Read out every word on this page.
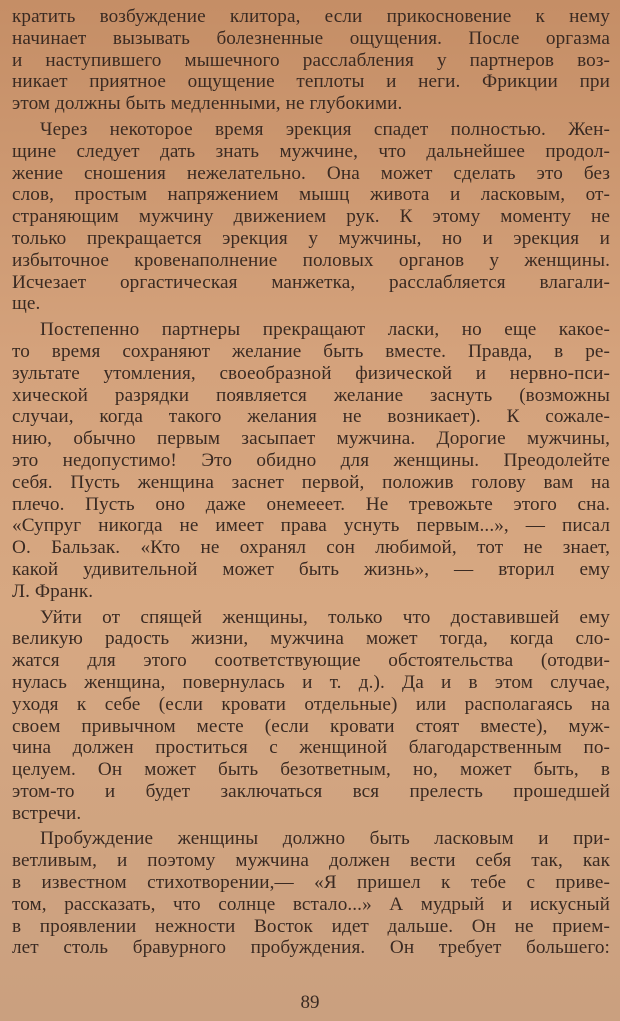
кратить возбуждение клитора, если прикосновение к нему
начинает вызывать болезненные ощущения. После оргазма
и наступившего мышечного расслабления у партнеров воз-
никает приятное ощущение теплоты и неги. Фрикции при
этом должны быть медленными, не глубокими.
Через некоторое время эрекция спадет полностью. Жен-
щине следует дать знать мужчине, что дальнейшее продол-
жение сношения нежелательно. Она может сделать это без
слов, простым напряжением мышц живота и ласковым, от-
страняющим мужчину движением рук. К этому моменту не
только прекращается эрекция у мужчины, но и эрекция и
избыточное кровенаполнение половых органов у женщины.
Исчезает оргастическая манжетка, расслабляется влагали-
ще.
Постепенно партнеры прекращают ласки, но еще какое-
то время сохраняют желание быть вместе. Правда, в ре-
зультате утомления, своеобразной физической и нервно-пси-
хической разрядки появляется желание заснуть (возможны
случаи, когда такого желания не возникает). К сожале-
нию, обычно первым засыпает мужчина. Дорогие мужчины,
это недопустимо! Это обидно для женщины. Преодолейте
себя. Пусть женщина заснет первой, положив голову вам на
плечо. Пусть оно даже онемеeет. Не тревожьте этого сна.
«Супруг никогда не имеет права уснуть первым...», — писал
О. Бальзак. «Кто не охранял сон любимой, тот не знает,
какой удивительной может быть жизнь», — вторил ему
Л. Франк.
Уйти от спящей женщины, только что доставившей ему
великую радость жизни, мужчина может тогда, когда сло-
жатся для этого соответствующие обстоятельства (отодви-
нулась женщина, повернулась и т. д.). Да и в этом случае,
уходя к себе (если кровати отдельные) или располагаясь на
своем привычном месте (если кровати стоят вместе), муж-
чина должен проститься с женщиной благодарственным по-
целуем. Он может быть безответным, но, может быть, в
этом-то и будет заключаться вся прелесть прошедшей
встречи.
Пробуждение женщины должно быть ласковым и при-
ветливым, и поэтому мужчина должен вести себя так, как
в известном стихотворении,— «Я пришел к тебе с приве-
том, рассказать, что солнце встало...» А мудрый и искусный
в проявлении нежности Восток идет дальше. Он не прием-
лет столь бравурного пробуждения. Он требует большего:
89
